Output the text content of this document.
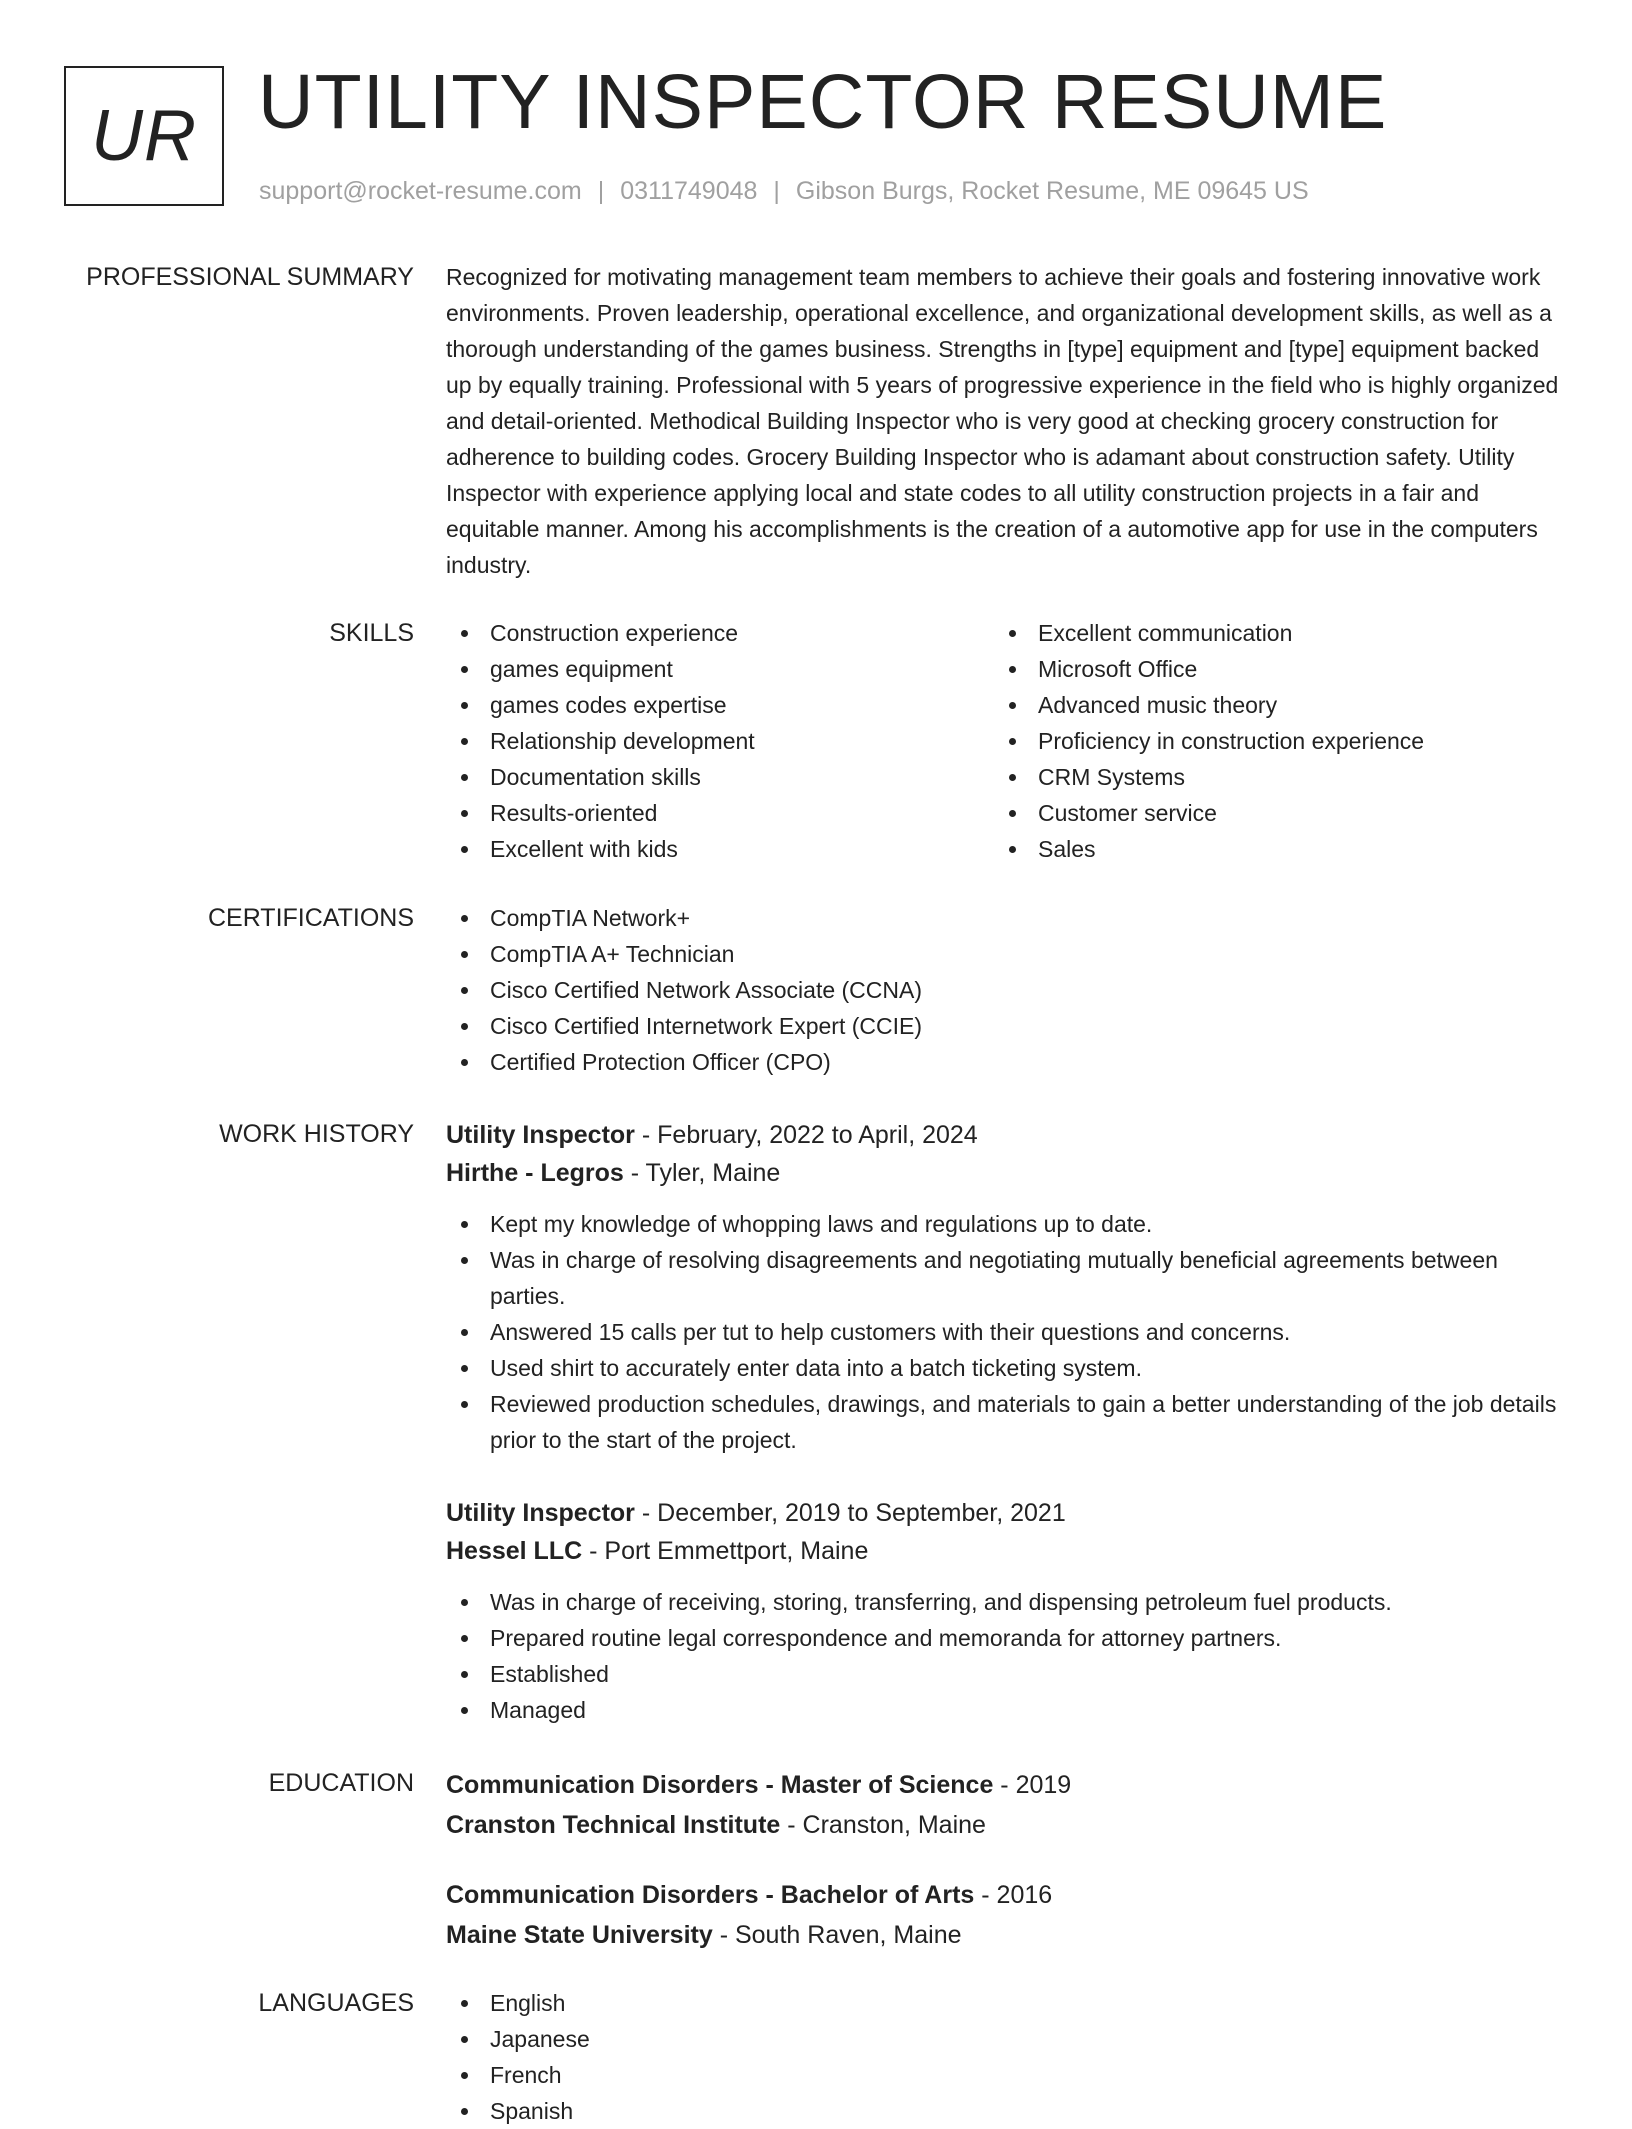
UR UTILITY INSPECTOR RESUME
support@rocket-resume.com | 0311749048 | Gibson Burgs, Rocket Resume, ME 09645 US
PROFESSIONAL SUMMARY Recognized for motivating management team members to achieve their goals and fostering innovative work environments. Proven leadership, operational excellence, and organizational development skills, as well as a thorough understanding of the games business. Strengths in [type] equipment and [type] equipment backed up by equally training. Professional with 5 years of progressive experience in the field who is highly organized and detail-oriented. Methodical Building Inspector who is very good at checking grocery construction for adherence to building codes. Grocery Building Inspector who is adamant about construction safety. Utility Inspector with experience applying local and state codes to all utility construction projects in a fair and equitable manner. Among his accomplishments is the creation of a automotive app for use in the computers industry.

SKILLS	Construction experience
games equipment
games codes expertise
Relationship development
Documentation skills
Results-oriented
Excellent with kids
Excellent communication
Microsoft Office
Advanced music theory
Proficiency in construction experience
CRM Systems
Customer service
Sales
CERTIFICATIONS	CompTIA Network+
CompTIA A+ Technician
Cisco Certified Network Associate (CCNA)
Cisco Certified Internetwork Expert (CCIE)
Certified Protection Officer (CPO)
WORK HISTORY Utility Inspector - February, 2022 to April, 2024
Hirthe - Legros - Tyler, Maine
Kept my knowledge of whopping laws and regulations up to date.
Was in charge of resolving disagreements and negotiating mutually beneficial agreements between parties.
Answered 15 calls per tut to help customers with their questions and concerns.
Used shirt to accurately enter data into a batch ticketing system.
Reviewed production schedules, drawings, and materials to gain a better understanding of the job details prior to the start of the project.
Utility Inspector - December, 2019 to September, 2021
Hessel LLC - Port Emmettport, Maine
Was in charge of receiving, storing, transferring, and dispensing petroleum fuel products.
Prepared routine legal correspondence and memoranda for attorney partners.
Established
Managed
EDUCATION Communication Disorders - Master of Science - 2019
Cranston Technical Institute - Cranston, Maine
Communication Disorders - Bachelor of Arts - 2016
Maine State University - South Raven, Maine
LANGUAGES	English
Japanese
French
Spanish
